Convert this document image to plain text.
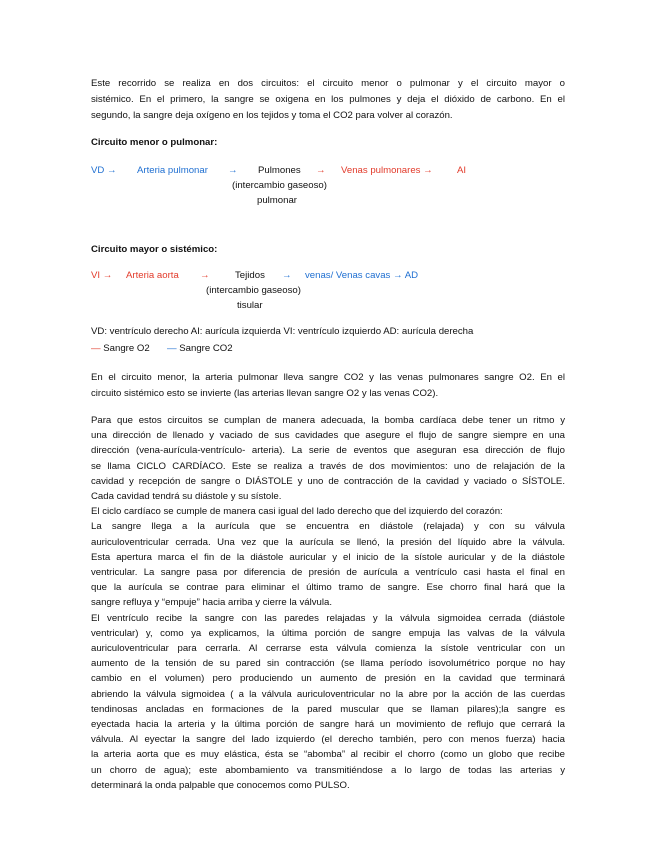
Este recorrido se realiza en dos circuitos: el circuito menor o pulmonar y el circuito mayor o
sistémico. En el primero, la sangre se oxigena en los pulmones y deja el dióxido de carbono. En el
segundo, la sangre deja oxígeno en los tejidos y toma el CO2 para volver al corazón.
Circuito menor o pulmonar:
VD → Arteria pulmonar → Pulmones → Venas pulmonares →	AI
(intercambio gaseoso)
pulmonar
Circuito mayor o sistémico:
VI → Arteria aorta →	Tejidos → venas/ Venas cavas → AD
(intercambio gaseoso)
tisular
VD: ventrículo derecho AI: aurícula izquierda VI: ventrículo izquierdo AD: aurícula derecha
— Sangre O2 — Sangre CO2
En el circuito menor, la arteria pulmonar lleva sangre CO2 y las venas pulmonares sangre O2. En el
circuito sistémico esto se invierte (las arterias llevan sangre O2 y las venas CO2).
Para que estos circuitos se cumplan de manera adecuada, la bomba cardíaca debe tener un ritmo y
una dirección de llenado y vaciado de sus cavidades que asegure el flujo de sangre siempre en una
dirección (vena-aurícula-ventrículo- arteria). La serie de eventos que aseguran esa dirección de flujo
se llama CICLO CARDÍACO. Este se realiza a través de dos movimientos: uno de relajación de la
cavidad y recepción de sangre o DIÁSTOLE y uno de contracción de la cavidad y vaciado o SÍSTOLE.
Cada cavidad tendrá su diástole y su sístole.
El ciclo cardíaco se cumple de manera casi igual del lado derecho que del izquierdo del corazón:
La sangre llega a la aurícula que se encuentra en diástole (relajada) y con su válvula
auriculoventricular cerrada. Una vez que la aurícula se llenó, la presión del líquido abre la válvula.
Esta apertura marca el fin de la diástole auricular y el inicio de la sístole auricular y de la diástole
ventricular. La sangre pasa por diferencia de presión de aurícula a ventrículo casi hasta el final en
que la aurícula se contrae para eliminar el último tramo de sangre. Ese chorro final hará que la
sangre refluya y “empuje” hacia arriba y cierre la válvula.
El ventrículo recibe la sangre con las paredes relajadas y la válvula sigmoidea cerrada (diástole
ventricular) y, como ya explicamos, la última porción de sangre empuja las valvas de la válvula
auriculoventricular para cerrarla. Al cerrarse esta válvula comienza la sístole ventricular con un
aumento de la tensión de su pared sin contracción (se llama período isovolumétrico porque no hay
cambio en el volumen) pero produciendo un aumento de presión en la cavidad que terminará
abriendo la válvula sigmoidea ( a la válvula auriculoventricular no la abre por la acción de las cuerdas
tendinosas ancladas en formaciones de la pared muscular que se llaman pilares);la sangre es
eyectada hacia la arteria y la última porción de sangre hará un movimiento de reflujo que cerrará la
válvula. Al eyectar la sangre del lado izquierdo (el derecho también, pero con menos fuerza) hacia
la arteria aorta que es muy elástica, ésta se “abomba” al recibir el chorro (como un globo que recibe
un chorro de agua); este abombamiento va transmitiéndose a lo largo de todas las arterias y
determinará la onda palpable que conocemos como PULSO.
